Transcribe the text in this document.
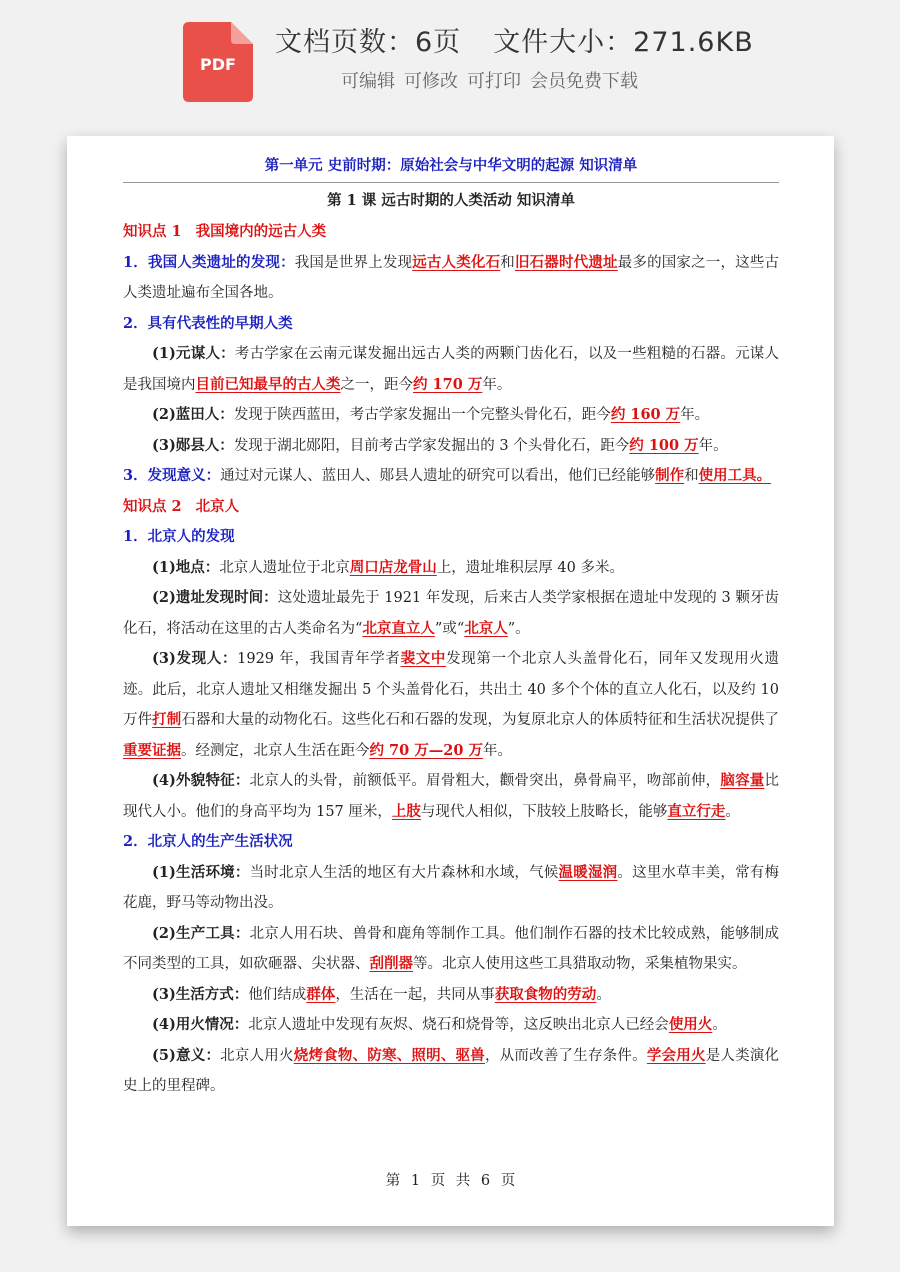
PDF
文档页数：6页 文件大小：271.6KB
可编辑 可修改 可打印 会员免费下载
第一单元 史前时期：原始社会与中华文明的起源 知识清单
第 1 课 远古时期的人类活动 知识清单

知识点 1 我国境内的远古人类

1．我国人类遗址的发现：我国是世界上发现远古人类化石和旧石器时代遗址最多的国家之一，这些古人类遗址遍布全国各地。

2．具有代表性的早期人类

(1)元谋人：考古学家在云南元谋发掘出远古人类的两颗门齿化石，以及一些粗糙的石器。元谋人是我国境内目前已知最早的古人类之一，距今约 170 万年。

(2)蓝田人：发现于陕西蓝田，考古学家发掘出一个完整头骨化石，距今约 160 万年。

(3)郧县人：发现于湖北郧阳，目前考古学家发掘出的 3 个头骨化石，距今约 100 万年。

3．发现意义：通过对元谋人、蓝田人、郧县人遗址的研究可以看出，他们已经能够制作和使用工具。

知识点 2 北京人

1．北京人的发现

(1)地点：北京人遗址位于北京周口店龙骨山上，遗址堆积层厚 40 多米。

(2)遗址发现时间：这处遗址最先于 1921 年发现，后来古人类学家根据在遗址中发现的 3 颗牙齿化石，将活动在这里的古人类命名为“北京直立人”或“北京人”。

(3)发现人：1929 年，我国青年学者裴文中发现第一个北京人头盖骨化石，同年又发现用火遗迹。此后，北京人遗址又相继发掘出 5 个头盖骨化石，共出土 40 多个个体的直立人化石，以及约 10 万件打制石器和大量的动物化石。这些化石和石器的发现，为复原北京人的体质特征和生活状况提供了重要证据。经测定，北京人生活在距今约 70 万—20 万年。

(4)外貌特征：北京人的头骨，前额低平。眉骨粗大，颧骨突出，鼻骨扁平，吻部前伸，脑容量比现代人小。他们的身高平均为 157 厘米，上肢与现代人相似，下肢较上肢略长，能够直立行走。

2．北京人的生产生活状况

(1)生活环境：当时北京人生活的地区有大片森林和水域，气候温暖湿润。这里水草丰美，常有梅花鹿，野马等动物出没。

(2)生产工具：北京人用石块、兽骨和鹿角等制作工具。他们制作石器的技术比较成熟，能够制成不同类型的工具，如砍砸器、尖状器、刮削器等。北京人使用这些工具猎取动物，采集植物果实。

(3)生活方式：他们结成群体，生活在一起，共同从事获取食物的劳动。

(4)用火情况：北京人遗址中发现有灰烬、烧石和烧骨等，这反映出北京人已经会使用火。

(5)意义：北京人用火烧烤食物、防寒、照明、驱兽，从而改善了生存条件。学会用火是人类演化史上的里程碑。

第 1 页 共 6 页
